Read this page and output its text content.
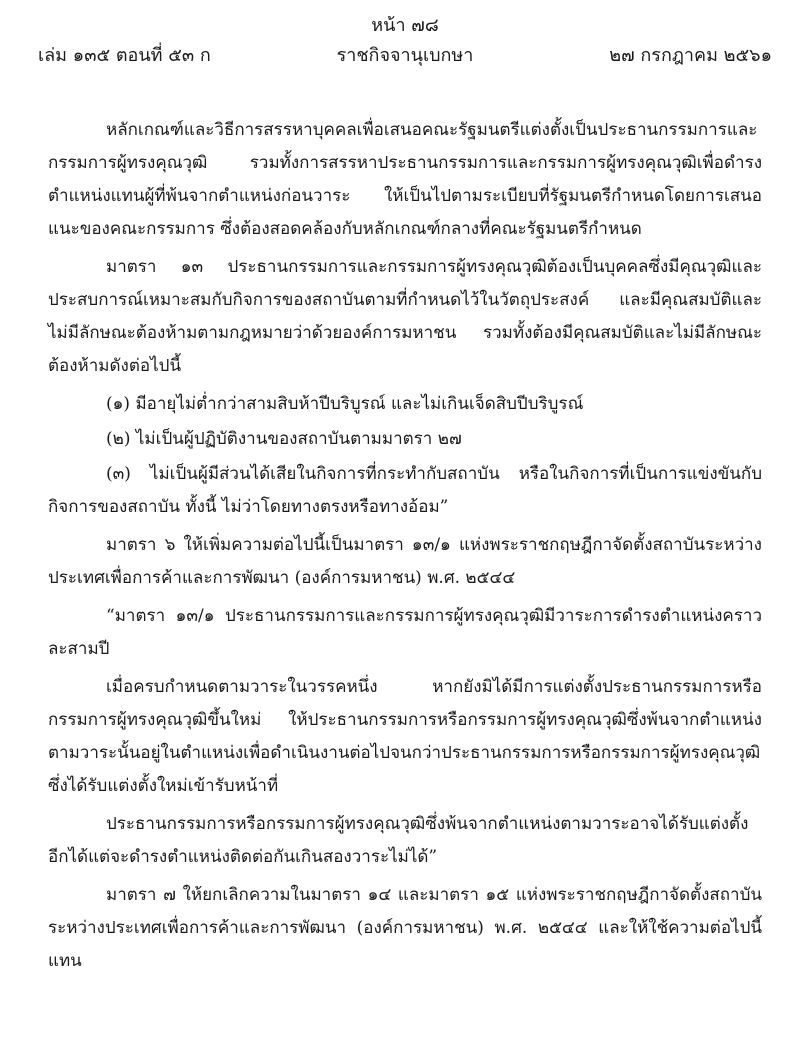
หน้า ๗๘
ราชกิจจานุเบกษา
เล่ม ๑๓๕ ตอนที่ ๕๓ ก	๒๗ กรกฎาคม ๒๕๖๑

หลักเกณฑ์และวิธีการสรรหาบุคคลเพื่อเสนอคณะรัฐมนตรีแต่งตั้งเป็นประธานกรรมการและกรรมการผู้ทรงคุณวุฒิ รวมทั้งการสรรหาประธานกรรมการและกรรมการผู้ทรงคุณวุฒิเพื่อดำรงตำแหน่งแทนผู้ที่พ้นจากตำแหน่งก่อนวาระ ให้เป็นไปตามระเบียบที่รัฐมนตรีกำหนดโดยการเสนอแนะของคณะกรรมการ ซึ่งต้องสอดคล้องกับหลักเกณฑ์กลางที่คณะรัฐมนตรีกำหนด

มาตรา ๑๓ ประธานกรรมการและกรรมการผู้ทรงคุณวุฒิต้องเป็นบุคคลซึ่งมีคุณวุฒิและประสบการณ์เหมาะสมกับกิจการของสถาบันตามที่กำหนดไว้ในวัตถุประสงค์ และมีคุณสมบัติและไม่มีลักษณะต้องห้ามตามกฎหมายว่าด้วยองค์การมหาชน รวมทั้งต้องมีคุณสมบัติและไม่มีลักษณะต้องห้ามดังต่อไปนี้

(๑) มีอายุไม่ต่ำกว่าสามสิบห้าปีบริบูรณ์ และไม่เกินเจ็ดสิบปีบริบูรณ์

(๒) ไม่เป็นผู้ปฏิบัติงานของสถาบันตามมาตรา ๒๗

(๓) ไม่เป็นผู้มีส่วนได้เสียในกิจการที่กระทำกับสถาบัน หรือในกิจการที่เป็นการแข่งขันกับกิจการของสถาบัน ทั้งนี้ ไม่ว่าโดยทางตรงหรือทางอ้อม”

มาตรา ๖ ให้เพิ่มความต่อไปนี้เป็นมาตรา ๑๓/๑ แห่งพระราชกฤษฎีกาจัดตั้งสถาบันระหว่างประเทศเพื่อการค้าและการพัฒนา (องค์การมหาชน) พ.ศ. ๒๕๔๔

“มาตรา ๑๓/๑ ประธานกรรมการและกรรมการผู้ทรงคุณวุฒิมีวาระการดำรงตำแหน่งคราวละสามปี

เมื่อครบกำหนดตามวาระในวรรคหนึ่ง หากยังมิได้มีการแต่งตั้งประธานกรรมการหรือกรรมการผู้ทรงคุณวุฒิขึ้นใหม่ ให้ประธานกรรมการหรือกรรมการผู้ทรงคุณวุฒิซึ่งพ้นจากตำแหน่งตามวาระนั้นอยู่ในตำแหน่งเพื่อดำเนินงานต่อไปจนกว่าประธานกรรมการหรือกรรมการผู้ทรงคุณวุฒิซึ่งได้รับแต่งตั้งใหม่เข้ารับหน้าที่

ประธานกรรมการหรือกรรมการผู้ทรงคุณวุฒิซึ่งพ้นจากตำแหน่งตามวาระอาจได้รับแต่งตั้งอีกได้แต่จะดำรงตำแหน่งติดต่อกันเกินสองวาระไม่ได้”

มาตรา ๗ ให้ยกเลิกความในมาตรา ๑๔ และมาตรา ๑๕ แห่งพระราชกฤษฎีกาจัดตั้งสถาบันระหว่างประเทศเพื่อการค้าและการพัฒนา (องค์การมหาชน) พ.ศ. ๒๕๔๔ และให้ใช้ความต่อไปนี้แทน
